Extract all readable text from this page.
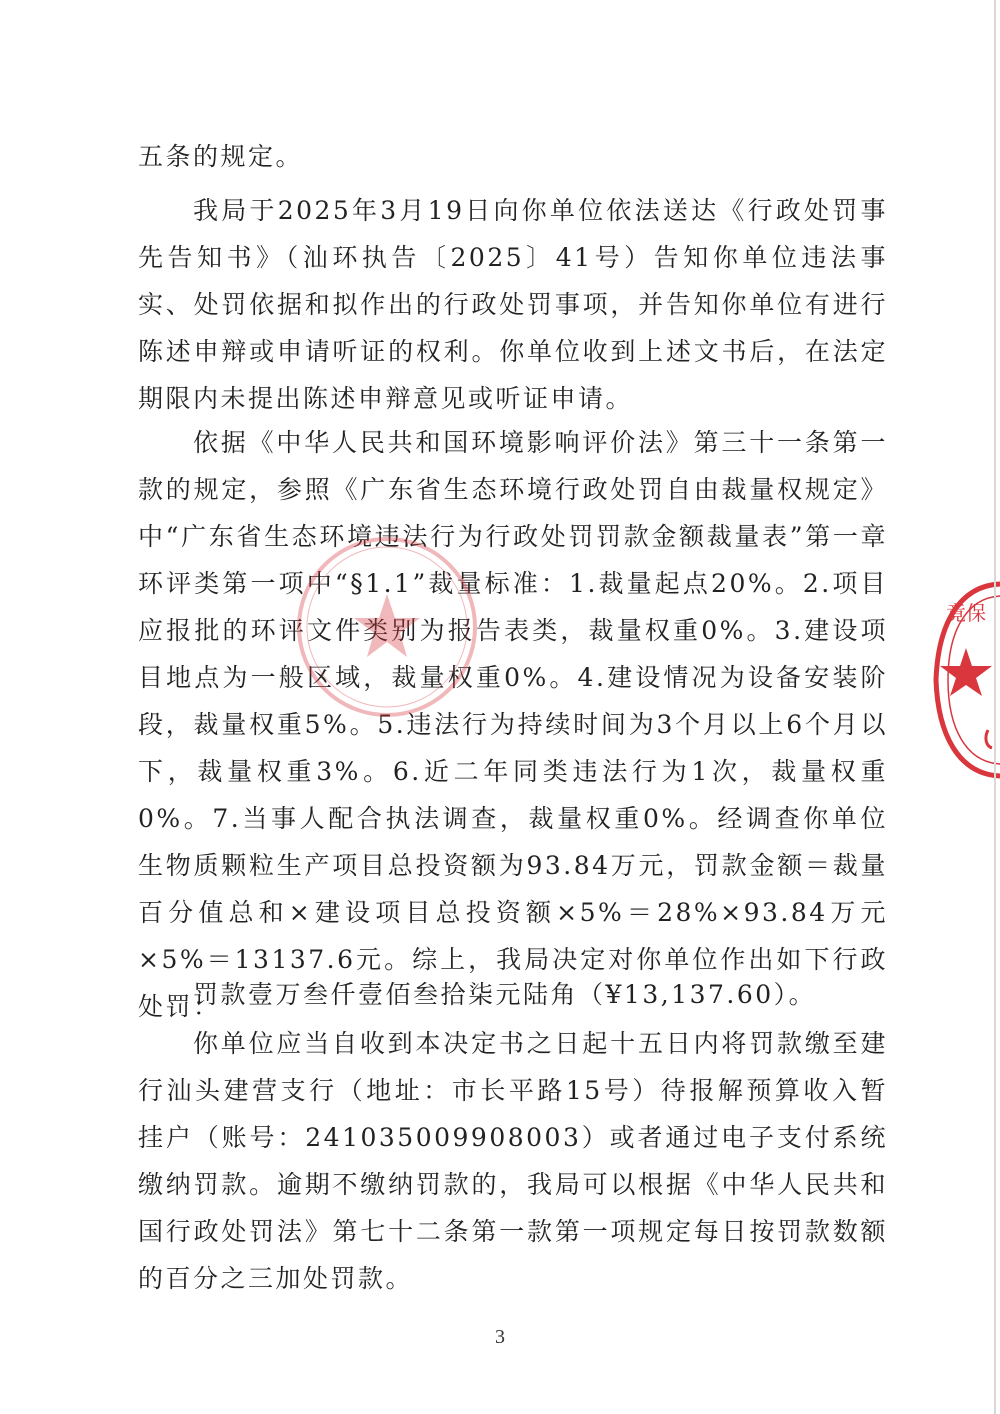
五条的规定。

我局于2025年3月19日向你单位依法送达《行政处罚事先告知书》（汕环执告〔2025〕41号）告知你单位违法事实、处罚依据和拟作出的行政处罚事项，并告知你单位有进行陈述申辩或申请听证的权利。你单位收到上述文书后，在法定期限内未提出陈述申辩意见或听证申请。

依据《中华人民共和国环境影响评价法》第三十一条第一款的规定，参照《广东省生态环境行政处罚自由裁量权规定》中“广东省生态环境违法行为行政处罚罚款金额裁量表”第一章环评类第一项中“§1.1”裁量标准：1.裁量起点20%。2.项目应报批的环评文件类别为报告表类，裁量权重0%。3.建设项目地点为一般区域，裁量权重0%。4.建设情况为设备安装阶段，裁量权重5%。5.违法行为持续时间为3个月以上6个月以下，裁量权重3%。6.近二年同类违法行为1次，裁量权重0%。7.当事人配合执法调查，裁量权重0%。经调查你单位生物质颗粒生产项目总投资额为93.84万元，罚款金额＝裁量百分值总和×建设项目总投资额×5%＝28%×93.84万元×5%＝13137.6元。综上，我局决定对你单位作出如下行政处罚：

罚款壹万叁仟壹佰叁拾柒元陆角（¥13,137.60）。

你单位应当自收到本决定书之日起十五日内将罚款缴至建行汕头建营支行（地址：市长平路15号）待报解预算收入暂挂户（账号：241035009908003）或者通过电子支付系统缴纳罚款。逾期不缴纳罚款的，我局可以根据《中华人民共和国行政处罚法》第七十二条第一款第一项规定每日按罚款数额的百分之三加处罚款。

3
竟保
